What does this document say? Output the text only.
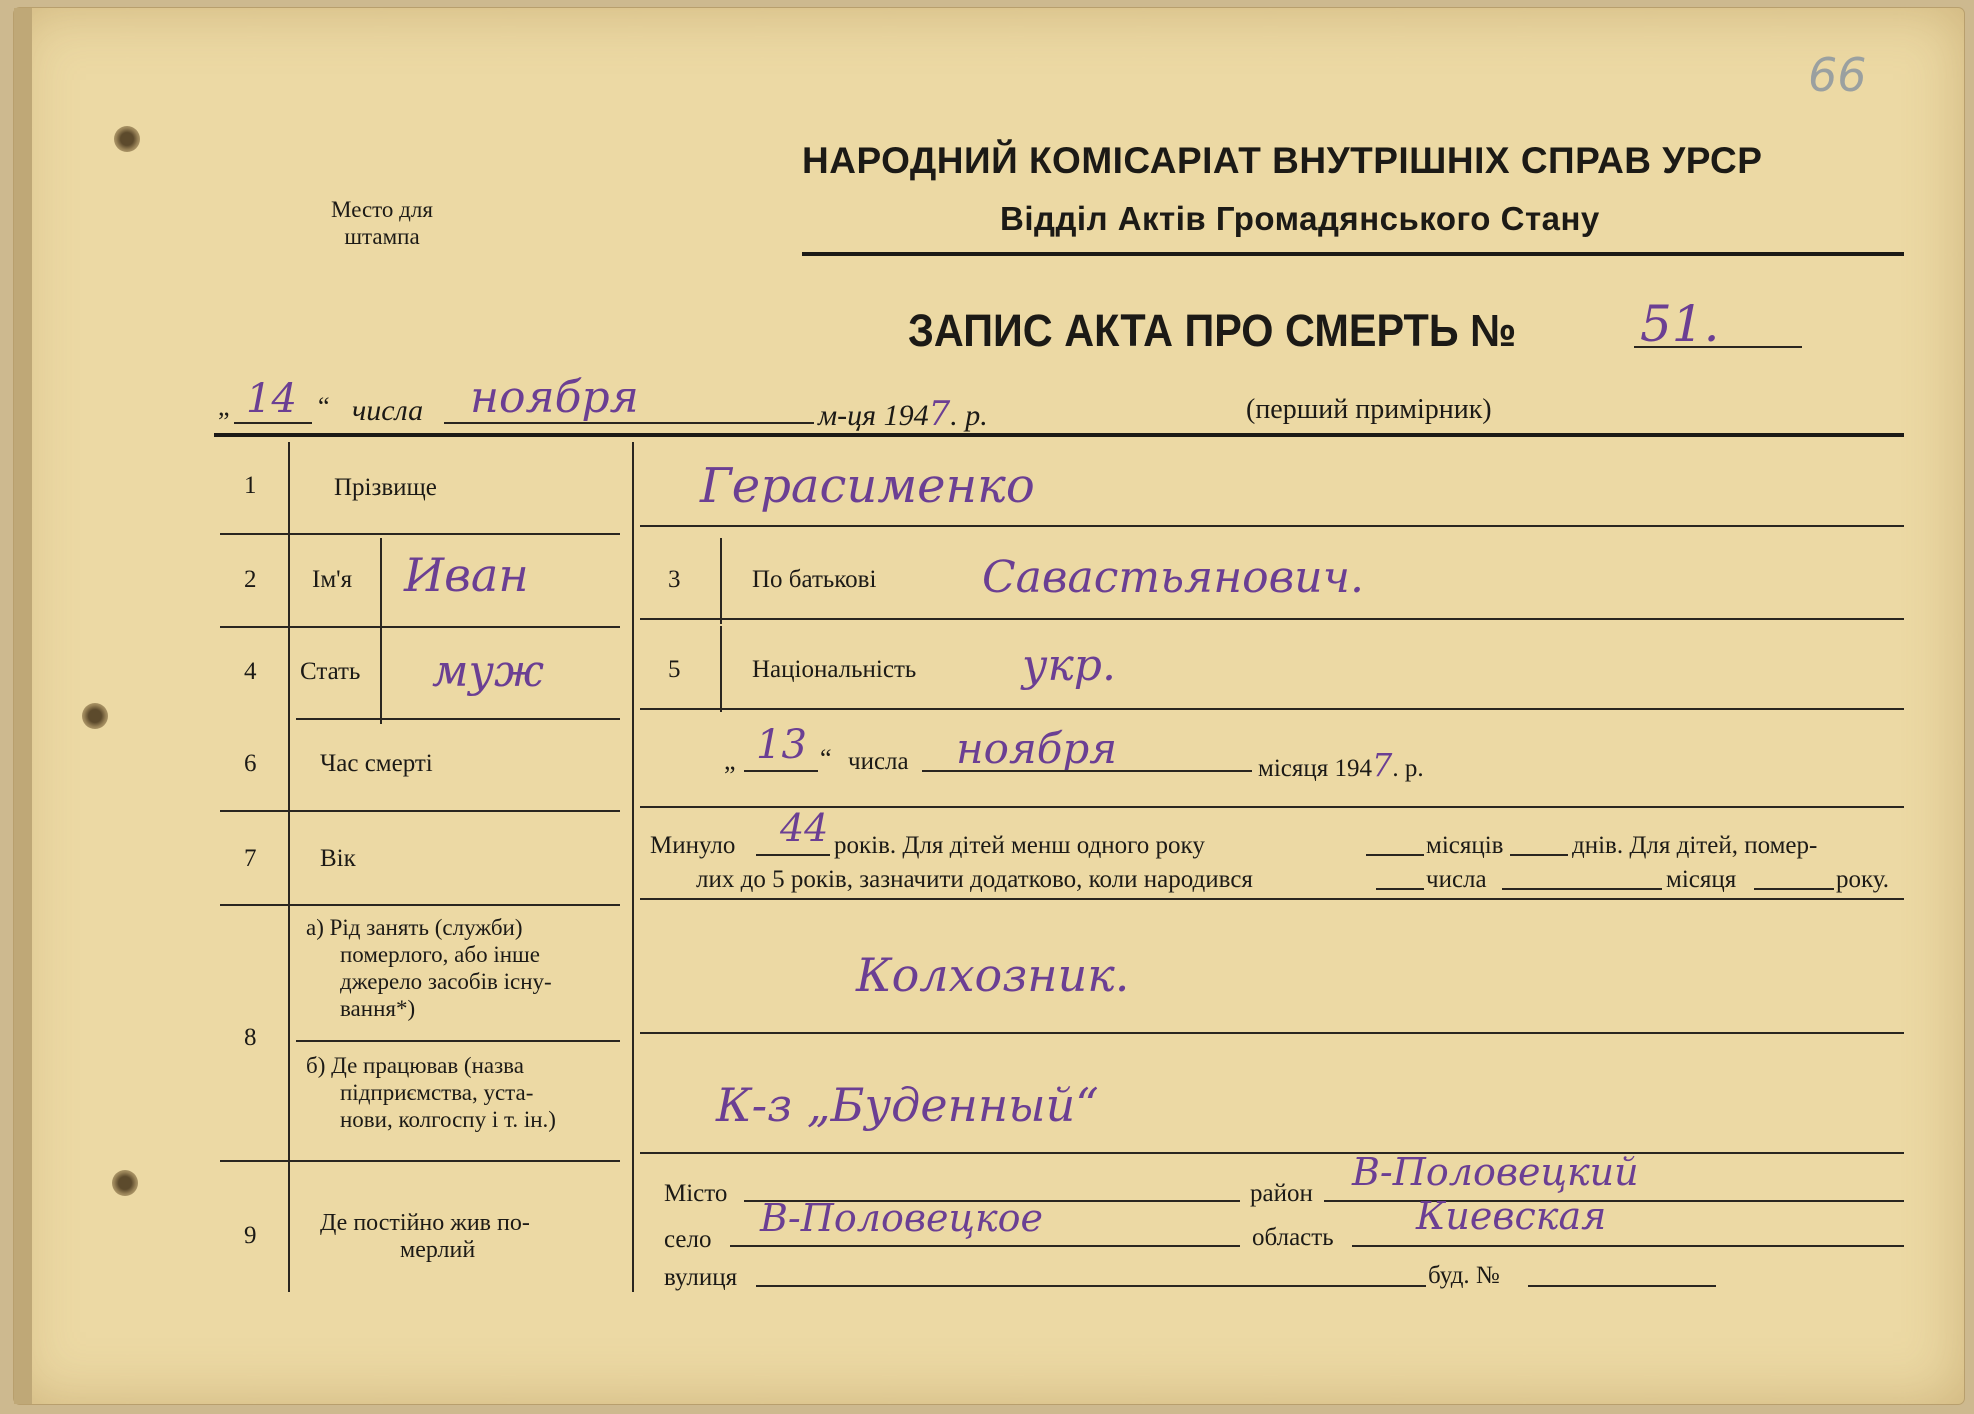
66
Место для
штампа
НАРОДНИЙ КОМІСАРІАТ ВНУТРІШНІХ СПРАВ УРСР
Відділ Актів Громадянського Стану
ЗАПИС АКТА ПРО СМЕРТЬ № 51.
„ 14 “ числа ноября	м-ця 1947. р.	(перший примірник)
1	Прізвище	Герасименко
2 Ім'я Иван	3	По батькові Савастьянович.
4 Стать муж	5	Національність укр.
6	Час смерті	„ 13 “ числа ноября	місяця 1947. р.
7	Вік	Минуло 44 років. Для дітей менш одного року	місяців	днів. Для дітей, помер-
лих до 5 років, зазначити додатково, коли народився	числа	місяця	року.
8
а) Рід занять (служби)
померлого, або інше
джерело засобів існу-
вання*)
Колхозник.
б) Де працював (назва
підприємства, уста-
нови, колгоспу і т. ін.)	К-з „Буденный“
9	Де постійно жив по-
мерлий
Місто	район В-Половецкий
село В-Половецкое	область Киевская
вулиця	буд. №
